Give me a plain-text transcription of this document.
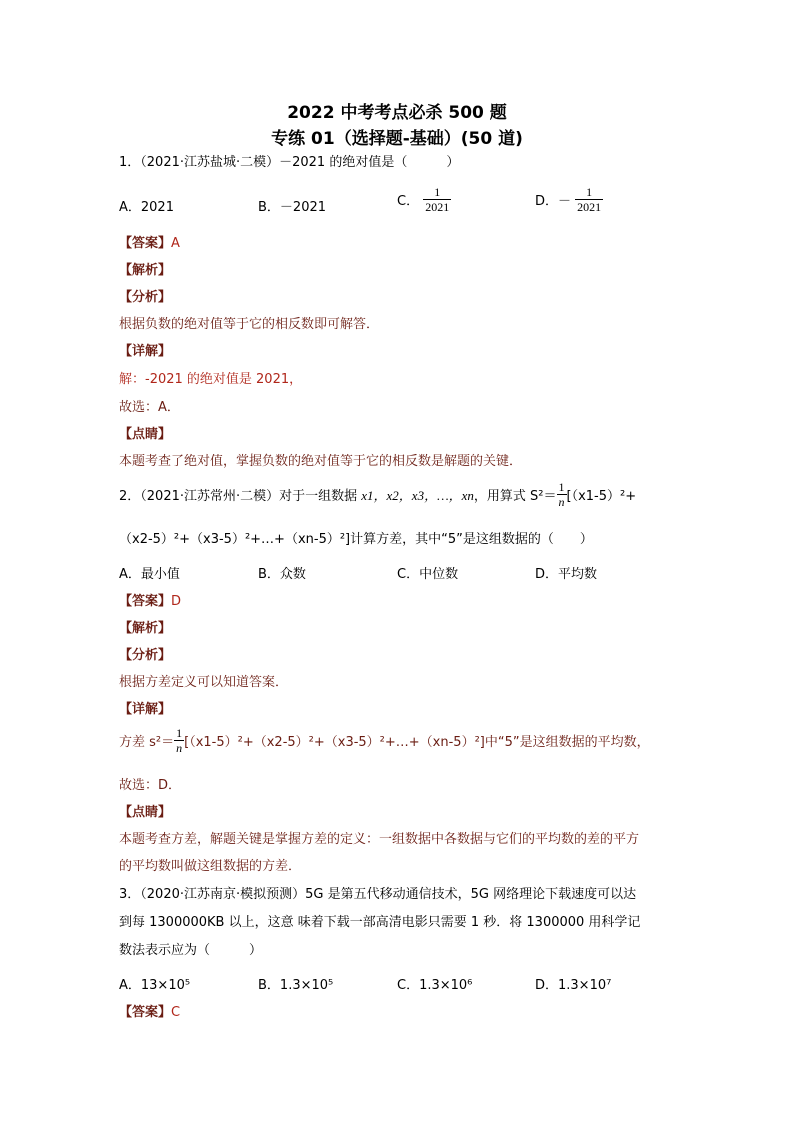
2022 中考考点必杀 500 题
专练 01（选择题-基础）(50 道)
1．（2021·江苏盐城·二模）－2021 的绝对值是（　　　）
A．2021	B．－2021	C． $\frac{1}{2021}$	D．－ $\frac{1}{2021}$
【答案】A
【解析】
【分析】
根据负数的绝对值等于它的相反数即可解答．
【详解】
解：-2021 的绝对值是 2021，
故选：A．
【点睛】
本题考查了绝对值，掌握负数的绝对值等于它的相反数是解题的关键．
2．（2021·江苏常州·二模）对于一组数据 x1，x2，x3，…，xn，用算式 $S^2= \frac{1}{n} [(x1-5)^2+$
（x2-5）²+（x3-5）²+…+（xn-5）²]计算方差，其中“5”是这组数据的（　　）
A．最小值	B．众数	C．中位数	D．平均数
【答案】D
【解析】
【分析】
根据方差定义可以知道答案．
【详解】
方差 $s^2= \frac{1}{n}$ [（x1-5）²+（x2-5）²+（x3-5）²+…+（xn-5）²]中“5”是这组数据的平均数，
故选：D．
【点睛】
本题考查方差，解题关键是掌握方差的定义：一组数据中各数据与它们的平均数的差的平方
的平均数叫做这组数据的方差．
3．（2020·江苏南京·模拟预测）5G 是第五代移动通信技术，5G 网络理论下载速度可以达
到每 1300000KB 以上，这意 味着下载一部高清电影只需要 1 秒．将 1300000 用科学记
数法表示应为（　　　）
A．13×10⁵	B．1.3×10⁵	C．1.3×10⁶	D．1.3×10⁷
【答案】C
